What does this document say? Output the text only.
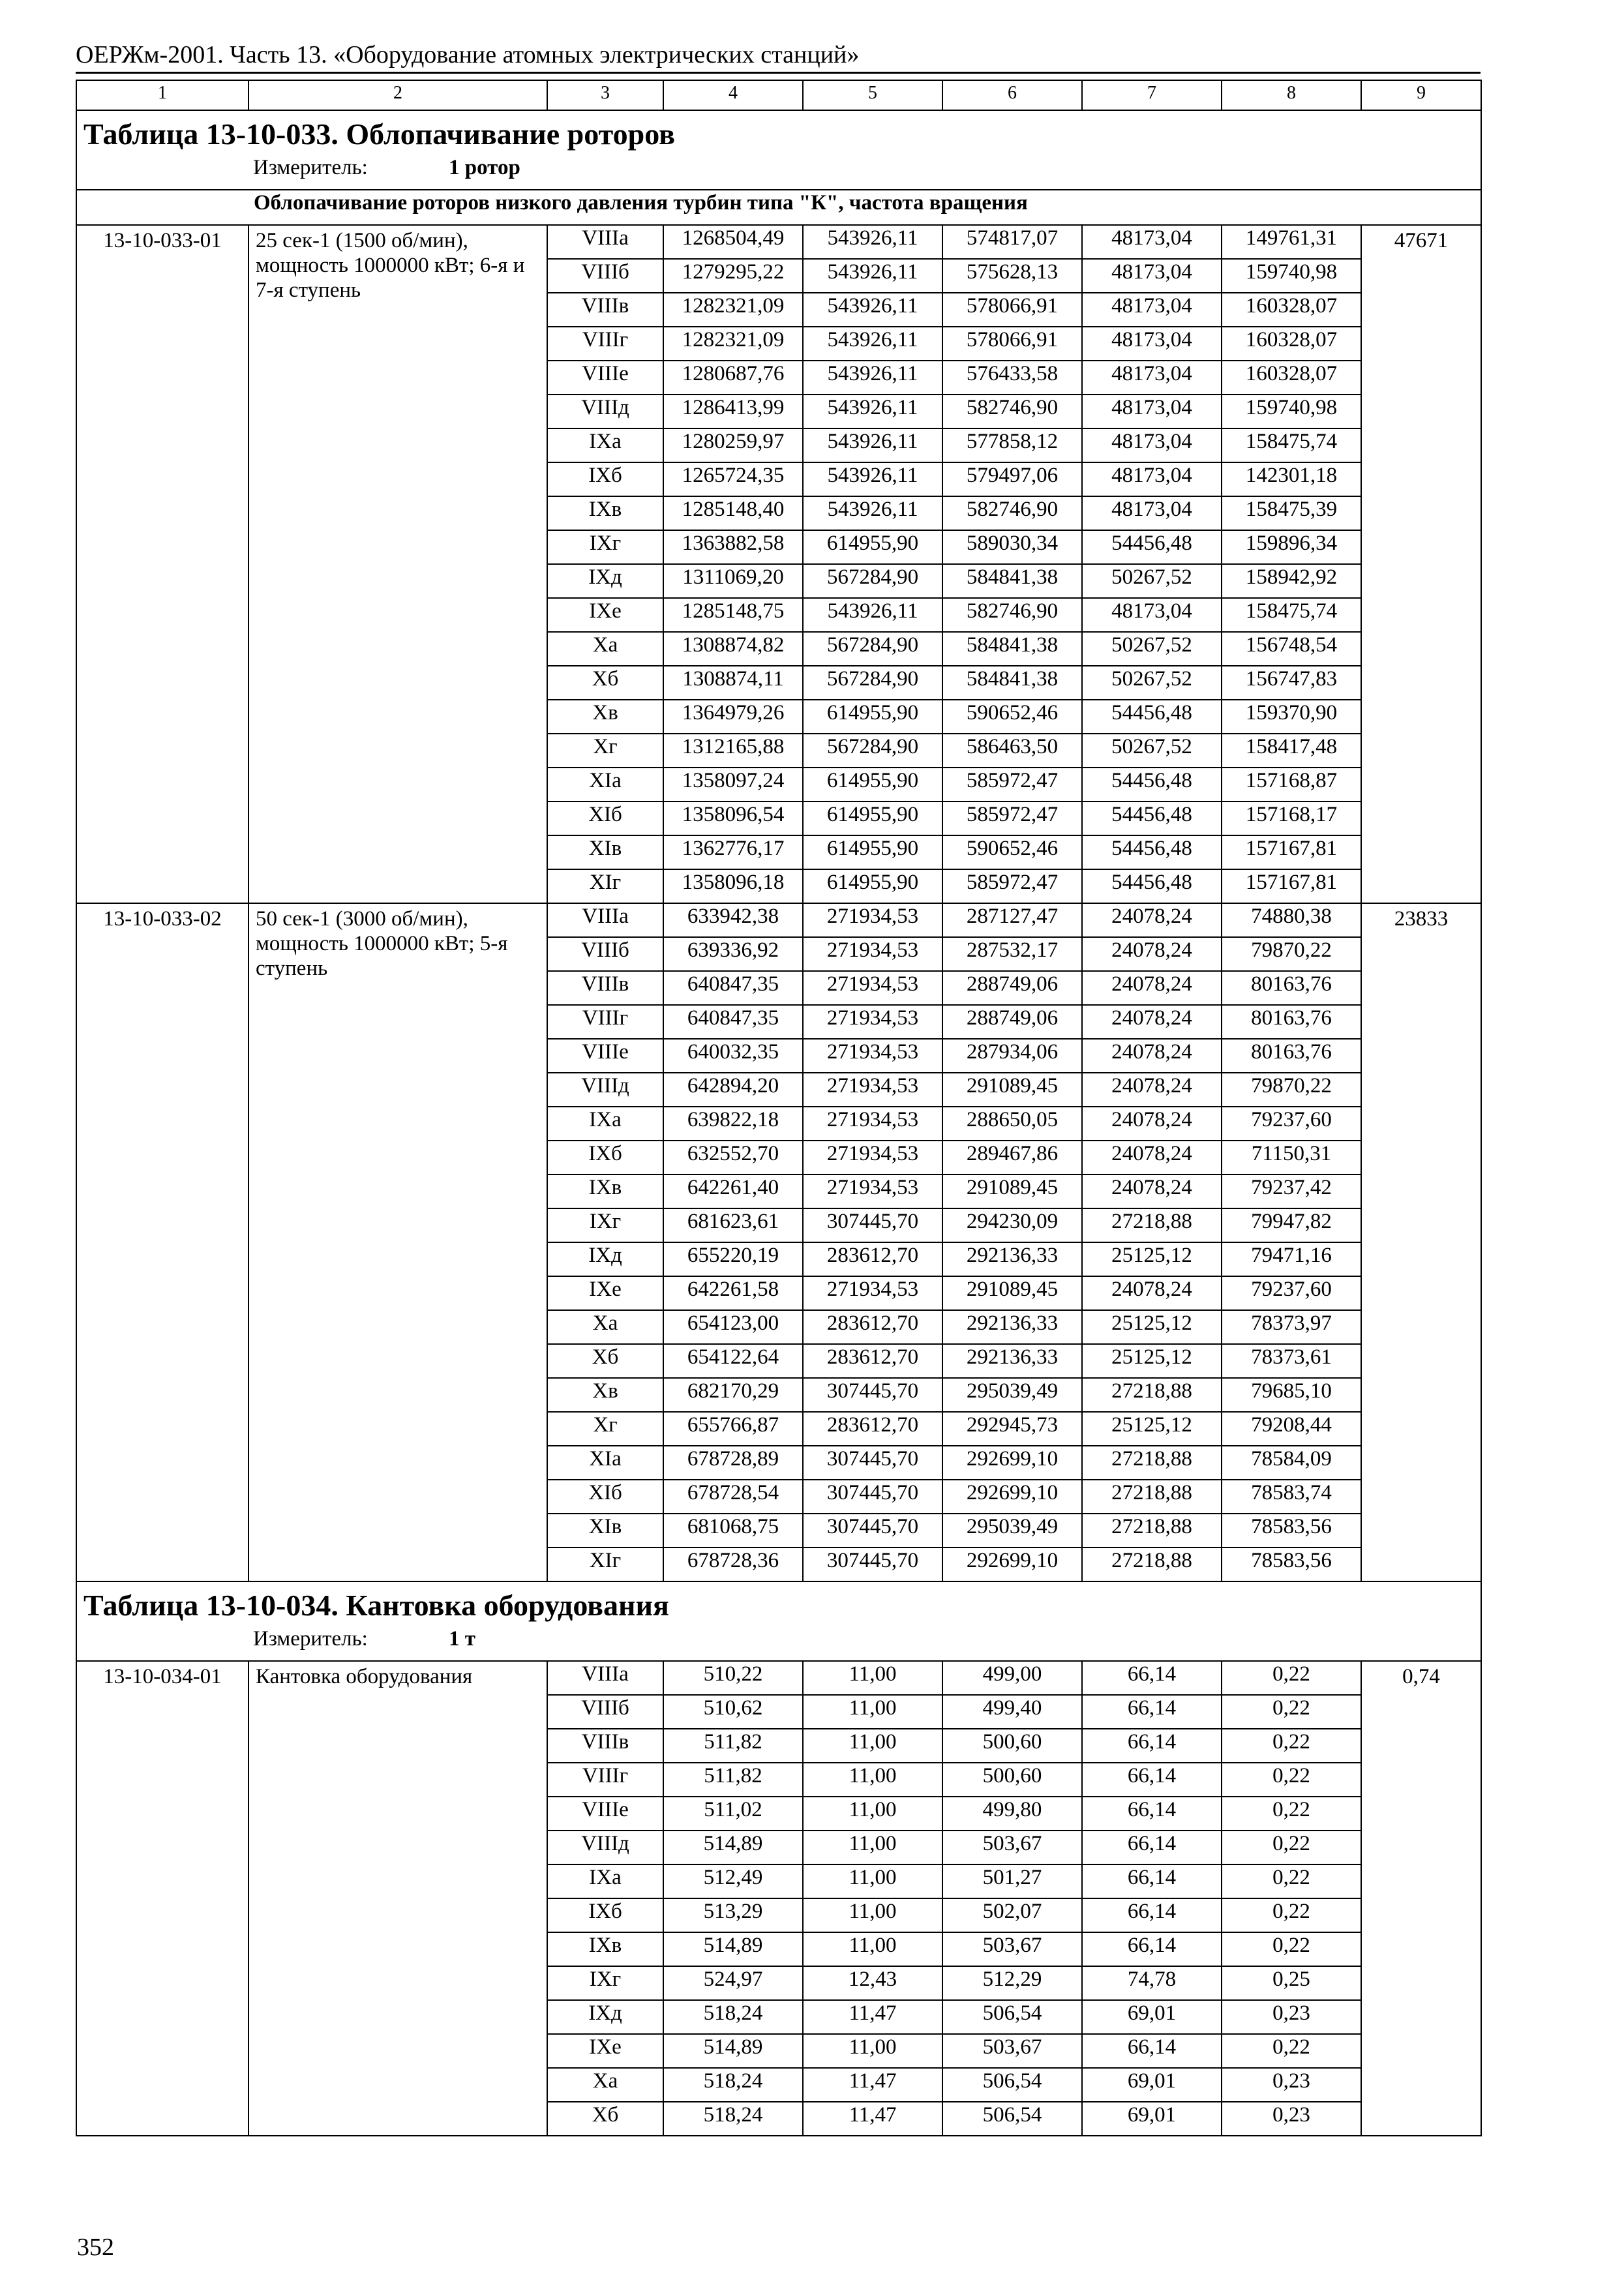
ОЕРЖм-2001. Часть 13. «Оборудование атомных электрических станций»
1	2	3	4	5	6	7	8	9
Таблица 13-10-033. Облопачивание роторов								
Измеритель: 1 ротор								
	Облопачивание роторов низкого давления турбин типа "К", частота вращения							
13-10-033-01	25 сек-1 (1500 об/мин), мощность 1000000 кВт; 6-я и 7-я ступень	VIIIа	1268504,49	543926,11	574817,07	48173,04	149761,31	47671
		VIIIб	1279295,22	543926,11	575628,13	48173,04	159740,98	
		VIIIв	1282321,09	543926,11	578066,91	48173,04	160328,07	
		VIIIг	1282321,09	543926,11	578066,91	48173,04	160328,07	
		VIIIе	1280687,76	543926,11	576433,58	48173,04	160328,07	
		VIIIд	1286413,99	543926,11	582746,90	48173,04	159740,98	
		IXа	1280259,97	543926,11	577858,12	48173,04	158475,74	
		IXб	1265724,35	543926,11	579497,06	48173,04	142301,18	
		IXв	1285148,40	543926,11	582746,90	48173,04	158475,39	
		IXг	1363882,58	614955,90	589030,34	54456,48	159896,34	
		IXд	1311069,20	567284,90	584841,38	50267,52	158942,92	
		IXе	1285148,75	543926,11	582746,90	48173,04	158475,74	
		Xа	1308874,82	567284,90	584841,38	50267,52	156748,54	
		Xб	1308874,11	567284,90	584841,38	50267,52	156747,83	
		Xв	1364979,26	614955,90	590652,46	54456,48	159370,90	
		Xг	1312165,88	567284,90	586463,50	50267,52	158417,48	
		XIа	1358097,24	614955,90	585972,47	54456,48	157168,87	
		XIб	1358096,54	614955,90	585972,47	54456,48	157168,17	
		XIв	1362776,17	614955,90	590652,46	54456,48	157167,81	
		XIг	1358096,18	614955,90	585972,47	54456,48	157167,81	
13-10-033-02	50 сек-1 (3000 об/мин), мощность 1000000 кВт; 5-я ступень	VIIIа	633942,38	271934,53	287127,47	24078,24	74880,38	23833
		VIIIб	639336,92	271934,53	287532,17	24078,24	79870,22	
		VIIIв	640847,35	271934,53	288749,06	24078,24	80163,76	
		VIIIг	640847,35	271934,53	288749,06	24078,24	80163,76	
		VIIIе	640032,35	271934,53	287934,06	24078,24	80163,76	
		VIIIд	642894,20	271934,53	291089,45	24078,24	79870,22	
		IXа	639822,18	271934,53	288650,05	24078,24	79237,60	
		IXб	632552,70	271934,53	289467,86	24078,24	71150,31	
		IXв	642261,40	271934,53	291089,45	24078,24	79237,42	
		IXг	681623,61	307445,70	294230,09	27218,88	79947,82	
		IXд	655220,19	283612,70	292136,33	25125,12	79471,16	
		IXе	642261,58	271934,53	291089,45	24078,24	79237,60	
		Xа	654123,00	283612,70	292136,33	25125,12	78373,97	
		Xб	654122,64	283612,70	292136,33	25125,12	78373,61	
		Xв	682170,29	307445,70	295039,49	27218,88	79685,10	
		Xг	655766,87	283612,70	292945,73	25125,12	79208,44	
		XIа	678728,89	307445,70	292699,10	27218,88	78584,09	
		XIб	678728,54	307445,70	292699,10	27218,88	78583,74	
		XIв	681068,75	307445,70	295039,49	27218,88	78583,56	
		XIг	678728,36	307445,70	292699,10	27218,88	78583,56	
Таблица 13-10-034. Кантовка оборудования								
Измеритель: 1 т								
13-10-034-01	Кантовка оборудования	VIIIа	510,22	11,00	499,00	66,14	0,22	0,74
		VIIIб	510,62	11,00	499,40	66,14	0,22	
		VIIIв	511,82	11,00	500,60	66,14	0,22	
		VIIIг	511,82	11,00	500,60	66,14	0,22	
		VIIIе	511,02	11,00	499,80	66,14	0,22	
		VIIIд	514,89	11,00	503,67	66,14	0,22	
		IXа	512,49	11,00	501,27	66,14	0,22	
		IXб	513,29	11,00	502,07	66,14	0,22	
		IXв	514,89	11,00	503,67	66,14	0,22	
		IXг	524,97	12,43	512,29	74,78	0,25	
		IXд	518,24	11,47	506,54	69,01	0,23	
		IXе	514,89	11,00	503,67	66,14	0,22	
		Xа	518,24	11,47	506,54	69,01	0,23	
		Xб	518,24	11,47	506,54	69,01	0,23	
352
